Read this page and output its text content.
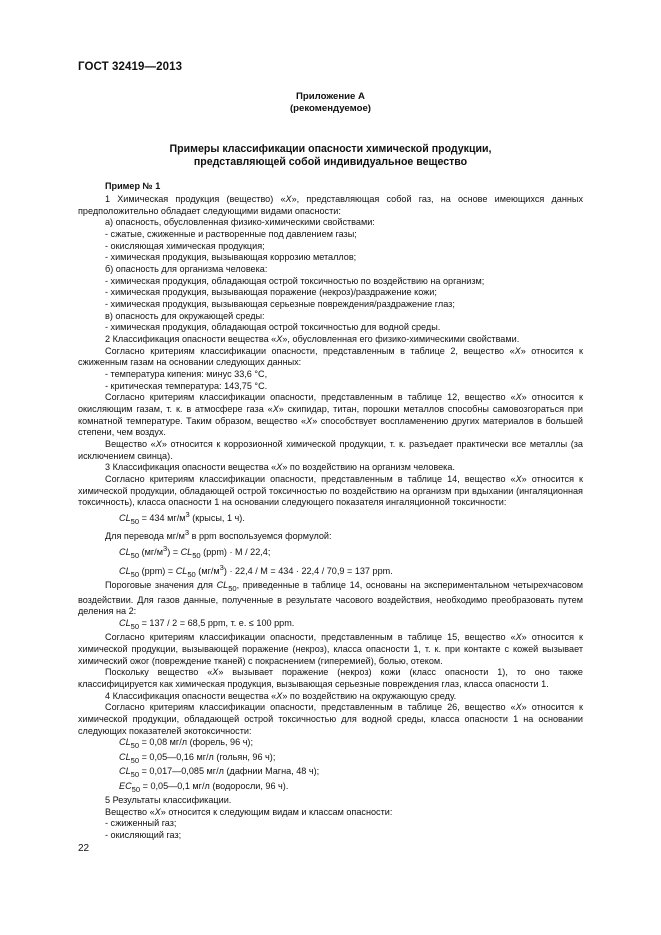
ГОСТ 32419—2013
Приложение А
(рекомендуемое)
Примеры классификации опасности химической продукции,
представляющей собой индивидуальное вещество

Пример № 1

1 Химическая продукция (вещество) «X», представляющая собой газ, на основе имеющихся данных предположительно обладает следующими видами опасности:

а) опасность, обусловленная физико-химическими свойствами:

- сжатые, сжиженные и растворенные под давлением газы;

- окисляющая химическая продукция;

- химическая продукция, вызывающая коррозию металлов;

б) опасность для организма человека:

- химическая продукция, обладающая острой токсичностью по воздействию на организм;

- химическая продукция, вызывающая поражение (некроз)/раздражение кожи;

- химическая продукция, вызывающая серьезные повреждения/раздражение глаз;

в) опасность для окружающей среды:

- химическая продукция, обладающая острой токсичностью для водной среды.

2 Классификация опасности вещества «X», обусловленная его физико-химическими свойствами.

Согласно критериям классификации опасности, представленным в таблице 2, вещество «X» относится к сжиженным газам на основании следующих данных:

- температура кипения: минус 33,6 °С,

- критическая температура: 143,75 °С.

Согласно критериям классификации опасности, представленным в таблице 12, вещество «X» относится к окисляющим газам, т. к. в атмосфере газа «X» скипидар, титан, порошки металлов способны самовозгораться при комнатной температуре. Таким образом, вещество «X» способствует воспламенению других материалов в большей степени, чем воздух.

Вещество «X» относится к коррозионной химической продукции, т. к. разъедает практически все металлы (за исключением свинца).

3 Классификация опасности вещества «X» по воздействию на организм человека.

Согласно критериям классификации опасности, представленным в таблице 14, вещество «X» относится к химической продукции, обладающей острой токсичностью по воздействию на организм при вдыхании (ингаляционная токсичность), класса опасности 1 на основании следующего показателя ингаляционной токсичности:

$CL_{50} = 434$ $мг/м^3$ (крысы, 1 ч).

Для перевода $мг/м^3$ в ppm воспользуемся формулой:

$CL_{50}$ $(мг/м^3) = CL_{50}$ (ppm) · M / 22,4;

$CL_{50}$ $(ppm) = CL_{50}$ $(мг/м^3) \cdot 22,4 / M = 434 \cdot 22,4 / 70,9 = 137$ ppm.

Пороговые значения для $CL_{50}$, приведенные в таблице 14, основаны на экспериментальном четырехчасовом воздействии. Для газов данные, полученные в результате часового воздействия, необходимо преобразовать путем деления на 2:

$CL_{50} = 137 / 2 = 68,5$ ppm, т. е. ≤ 100 ppm.

Согласно критериям классификации опасности, представленным в таблице 15, вещество «X» относится к химической продукции, вызывающей поражение (некроз), класса опасности 1, т. к. при контакте с кожей вызывает химический ожог (повреждение тканей) с покраснением (гиперемией), болью, отеком.

Поскольку вещество «X» вызывает поражение (некроз) кожи (класс опасности 1), то оно также классифицируется как химическая продукция, вызывающая серьезные повреждения глаз, класса опасности 1.

4 Классификация опасности вещества «X» по воздействию на окружающую среду.

Согласно критериям классификации опасности, представленным в таблице 26, вещество «X» относится к химической продукции, обладающей острой токсичностью для водной среды, класса опасности 1 на основании следующих показателей экотоксичности:

$CL_{50} = 0,08$ мг/л (форель, 96 ч);

$CL_{50}$ = 0,05—0,16 мг/л (гольян, 96 ч);

$CL_{50}$ = 0,017—0,085 мг/л (дафнии Магна, 48 ч);

$EC_{50}$ = 0,05—0,1 мг/л (водоросли, 96 ч).

5 Результаты классификации.

Вещество «X» относится к следующим видам и классам опасности:

- сжиженный газ;

- окисляющий газ;

22
